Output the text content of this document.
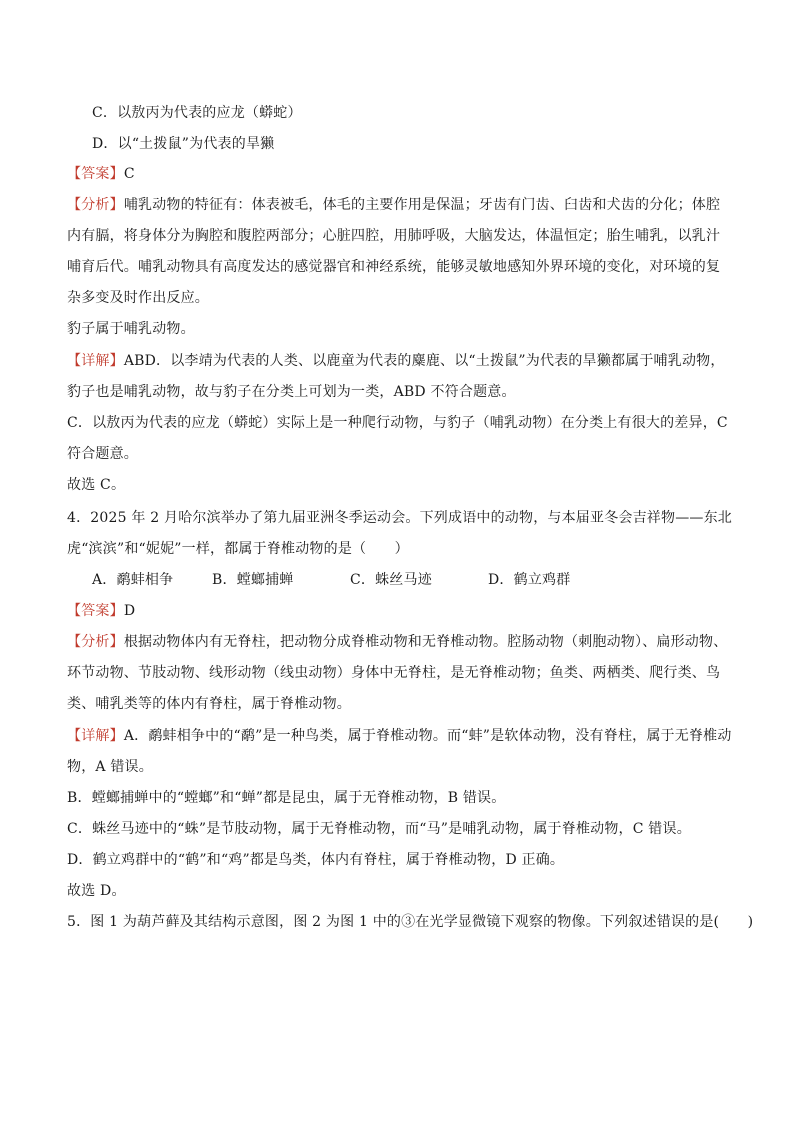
C．以敖丙为代表的应龙（蟒蛇）
D．以“土拨鼠”为代表的旱獭
【答案】C
【分析】哺乳动物的特征有：体表被毛，体毛的主要作用是保温；牙齿有门齿、臼齿和犬齿的分化；体腔
内有膈，将身体分为胸腔和腹腔两部分；心脏四腔，用肺呼吸，大脑发达，体温恒定；胎生哺乳，以乳汁
哺育后代。哺乳动物具有高度发达的感觉器官和神经系统，能够灵敏地感知外界环境的变化，对环境的复
杂多变及时作出反应。
豹子属于哺乳动物。
【详解】ABD．以李靖为代表的人类、以鹿童为代表的麋鹿、以“土拨鼠”为代表的旱獭都属于哺乳动物，
豹子也是哺乳动物，故与豹子在分类上可划为一类，ABD 不符合题意。
C．以敖丙为代表的应龙（蟒蛇）实际上是一种爬行动物，与豹子（哺乳动物）在分类上有很大的差异，C
符合题意。
故选 C。
4．2025 年 2 月哈尔滨举办了第九届亚洲冬季运动会。下列成语中的动物，与本届亚冬会吉祥物——东北
虎“滨滨”和“妮妮”一样，都属于脊椎动物的是（　　）
A．鹬蚌相争	B．螳螂捕蝉	C．蛛丝马迹	D．鹤立鸡群
【答案】D
【分析】根据动物体内有无脊柱，把动物分成脊椎动物和无脊椎动物。腔肠动物（刺胞动物）、扁形动物、
环节动物、节肢动物、线形动物（线虫动物）身体中无脊柱，是无脊椎动物；鱼类、两栖类、爬行类、鸟
类、哺乳类等的体内有脊柱，属于脊椎动物。
【详解】A．鹬蚌相争中的“鹬”是一种鸟类，属于脊椎动物。而“蚌”是软体动物，没有脊柱，属于无脊椎动
物，A 错误。
B．螳螂捕蝉中的“螳螂”和“蝉”都是昆虫，属于无脊椎动物，B 错误。
C．蛛丝马迹中的“蛛”是节肢动物，属于无脊椎动物，而“马”是哺乳动物，属于脊椎动物，C 错误。
D．鹤立鸡群中的“鹤”和“鸡”都是鸟类，体内有脊柱，属于脊椎动物，D 正确。
故选 D。
5．图 1 为葫芦藓及其结构示意图，图 2 为图 1 中的③在光学显微镜下观察的物像。下列叙述错误的是(　　)
